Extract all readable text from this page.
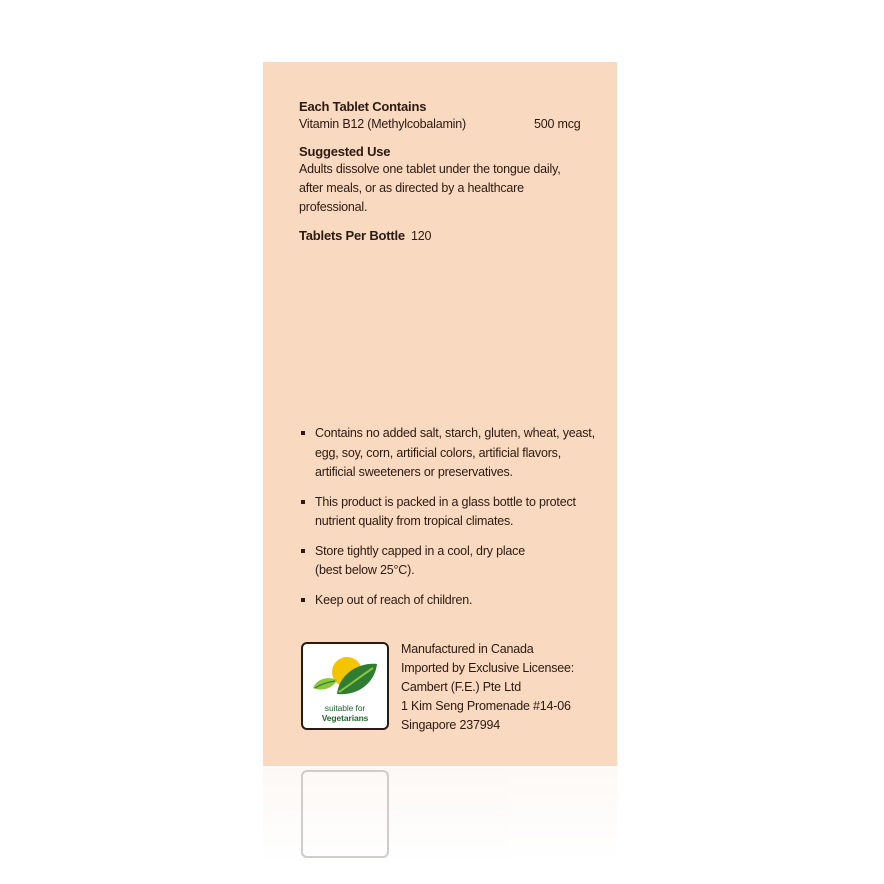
Each Tablet Contains
Vitamin B12 (Methylcobalamin)	500 mcg
Suggested Use
Adults dissolve one tablet under the tongue daily,
after meals, or as directed by a healthcare professional.
Tablets Per Bottle 120
Contains no added salt, starch, gluten, wheat, yeast,
egg, soy, corn, artificial colors, artificial flavors,
artificial sweeteners or preservatives.
This product is packed in a glass bottle to protect
nutrient quality from tropical climates.
Store tightly capped in a cool, dry place
(best below 25°C).
Keep out of reach of children.
suitable for
Vegetarians
Manufactured in Canada
Imported by Exclusive Licensee:
Cambert (F.E.) Pte Ltd
1 Kim Seng Promenade #14-06
Singapore 237994
